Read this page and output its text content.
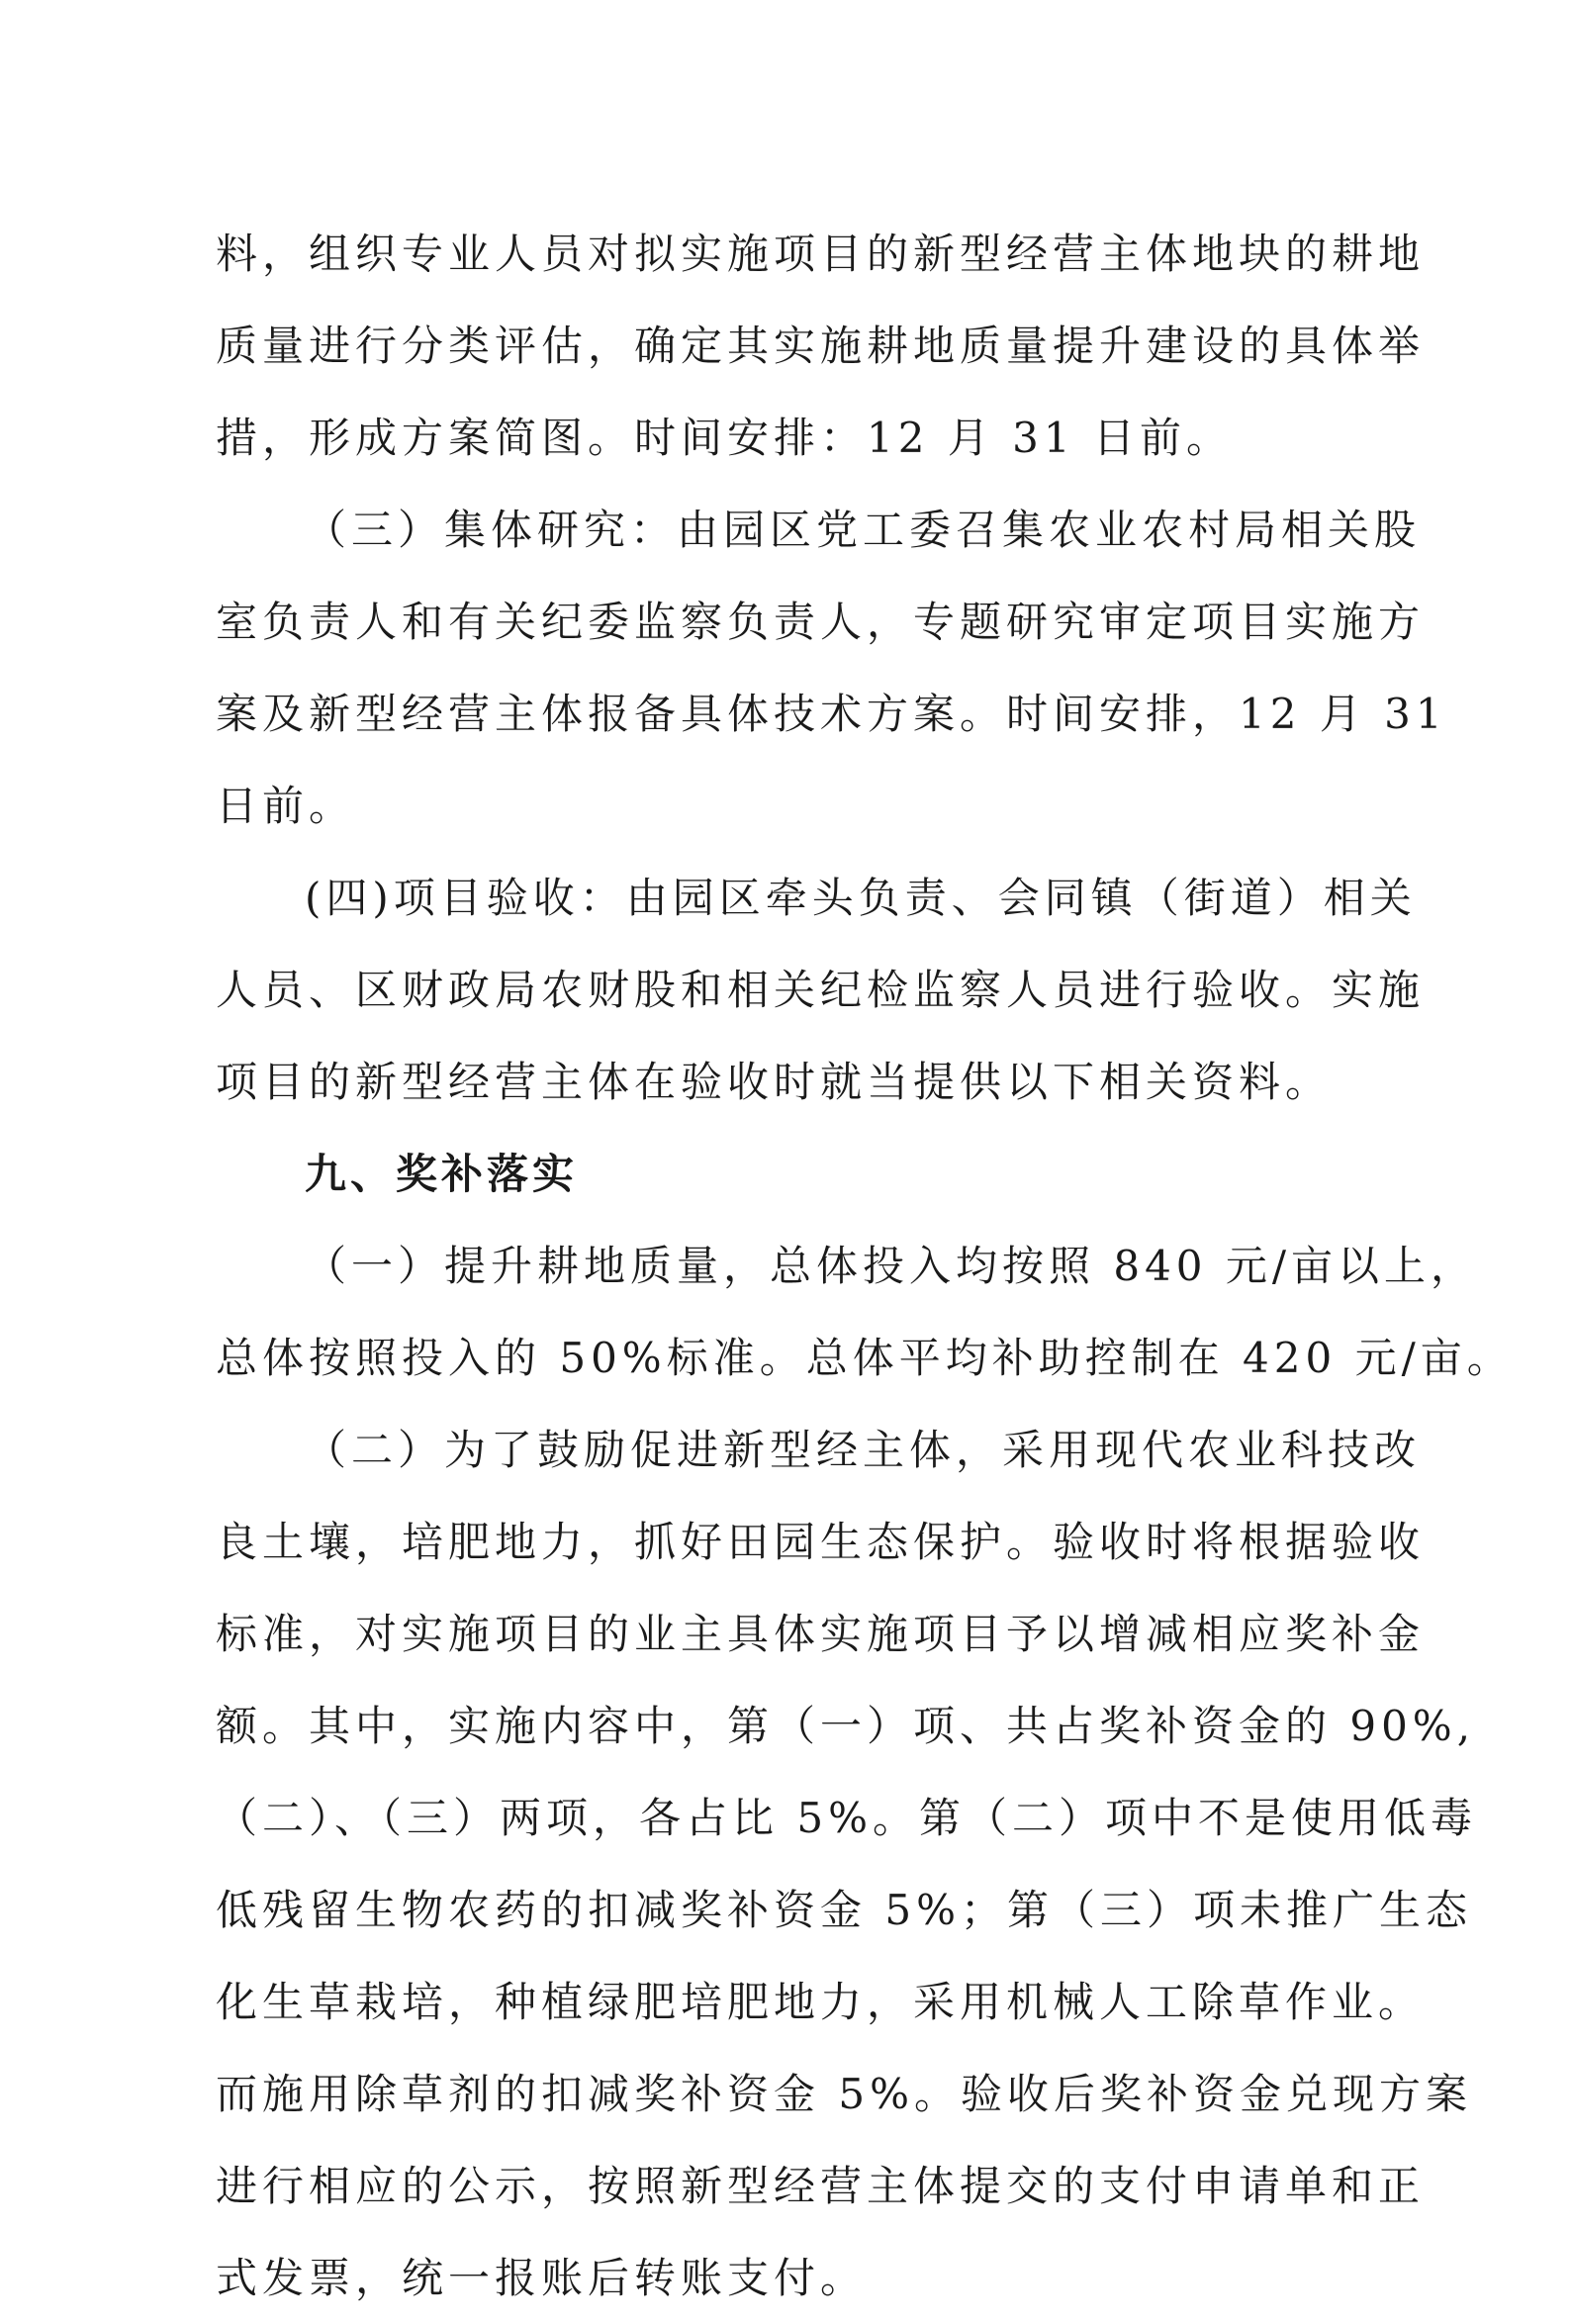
料，组织专业人员对拟实施项目的新型经营主体地块的耕地
质量进行分类评估，确定其实施耕地质量提升建设的具体举
措，形成方案简图。时间安排：12 月 31 日前。
（三）集体研究：由园区党工委召集农业农村局相关股
室负责人和有关纪委监察负责人，专题研究审定项目实施方
案及新型经营主体报备具体技术方案。时间安排，12 月 31
日前。
(四)项目验收：由园区牵头负责、会同镇（街道）相关
人员、区财政局农财股和相关纪检监察人员进行验收。实施
项目的新型经营主体在验收时就当提供以下相关资料。
九、奖补落实
（一）提升耕地质量，总体投入均按照 840 元/亩以上，
总体按照投入的 50%标准。总体平均补助控制在 420 元/亩。
（二）为了鼓励促进新型经主体，采用现代农业科技改
良土壤，培肥地力，抓好田园生态保护。验收时将根据验收
标准，对实施项目的业主具体实施项目予以增减相应奖补金
额。其中，实施内容中，第（一）项、共占奖补资金的 90%,
（二）、（三）两项，各占比 5%。第（二）项中不是使用低毒
低残留生物农药的扣减奖补资金 5%；第（三）项未推广生态
化生草栽培，种植绿肥培肥地力，采用机械人工除草作业。
而施用除草剂的扣减奖补资金 5%。验收后奖补资金兑现方案
进行相应的公示，按照新型经营主体提交的支付申请单和正
式发票，统一报账后转账支付。
